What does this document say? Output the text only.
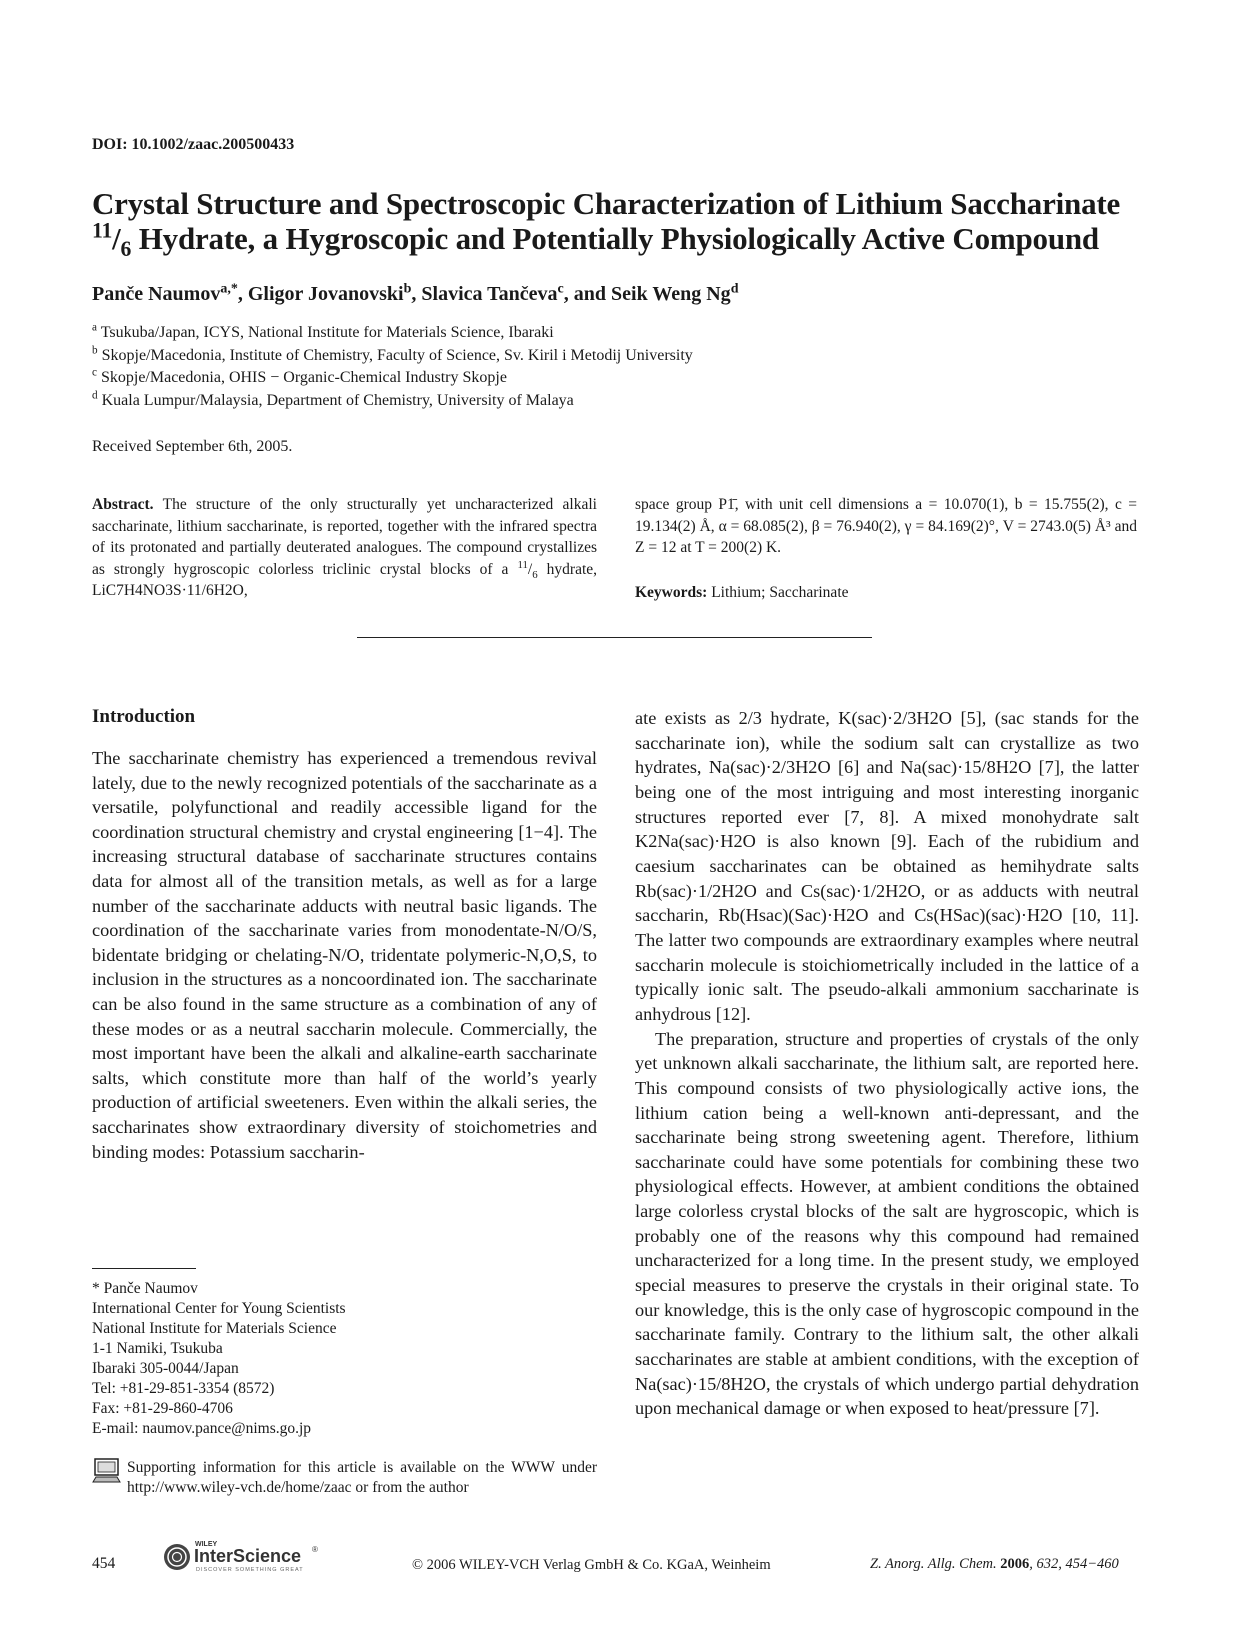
DOI: 10.1002/zaac.200500433
Crystal Structure and Spectroscopic Characterization of Lithium Saccharinate
$^{11}/_6$ Hydrate, a Hygroscopic and Potentially Physiologically Active Compound
Panče Naumov$^{a,*}$, Gligor Jovanovski$^b$, Slavica Tančeva$^c$, and Seik Weng Ng$^d$
$^a$ Tsukuba/Japan, ICYS, National Institute for Materials Science, Ibaraki
$^b$ Skopje/Macedonia, Institute of Chemistry, Faculty of Science, Sv. Kiril i Metodij University
$^c$ Skopje/Macedonia, OHIS − Organic-Chemical Industry Skopje
$^d$ Kuala Lumpur/Malaysia, Department of Chemistry, University of Malaya
Received September 6th, 2005.
Abstract. The structure of the only structurally yet uncharacterized alkali saccharinate, lithium saccharinate, is reported, together with the infrared spectra of its protonated and partially deuterated analogues. The compound crystallizes as strongly hygroscopic colorless triclinic crystal blocks of a $^{11}/_6$ hydrate, LiC7H4NO3S·11/6H2O,
space group P1̄, with unit cell dimensions a = 10.070(1), b = 15.755(2), c = 19.134(2) Å, α = 68.085(2), β = 76.940(2), γ = 84.169(2)°, V = 2743.0(5) Å³ and Z = 12 at T = 200(2) K.
Keywords: Lithium; Saccharinate
Introduction
The saccharinate chemistry has experienced a tremendous revival lately, due to the newly recognized potentials of the saccharinate as a versatile, polyfunctional and readily accessible ligand for the coordination structural chemistry and crystal engineering [1−4]. The increasing structural database of saccharinate structures contains data for almost all of the transition metals, as well as for a large number of the saccharinate adducts with neutral basic ligands. The coordination of the saccharinate varies from monodentate-N/O/S, bidentate bridging or chelating-N/O, tridentate polymeric-N,O,S, to inclusion in the structures as a noncoordinated ion. The saccharinate can be also found in the same structure as a combination of any of these modes or as a neutral saccharin molecule. Commercially, the most important have been the alkali and alkaline-earth saccharinate salts, which constitute more than half of the world’s yearly production of artificial sweeteners. Even within the alkali series, the saccharinates show extraordinary diversity of stoichometries and binding modes: Potassium saccharin-

ate exists as 2/3 hydrate, K(sac)·2/3H2O [5], (sac stands for the saccharinate ion), while the sodium salt can crystallize as two hydrates, Na(sac)·2/3H2O [6] and Na(sac)·15/8H2O [7], the latter being one of the most intriguing and most interesting inorganic structures reported ever [7, 8]. A mixed monohydrate salt K2Na(sac)·H2O is also known [9]. Each of the rubidium and caesium saccharinates can be obtained as hemihydrate salts Rb(sac)·1/2H2O and Cs(sac)·1/2H2O, or as adducts with neutral saccharin, Rb(Hsac)(Sac)·H2O and Cs(HSac)(sac)·H2O [10, 11]. The latter two compounds are extraordinary examples where neutral saccharin molecule is stoichiometrically included in the lattice of a typically ionic salt. The pseudo-alkali ammonium saccharinate is anhydrous [12].

The preparation, structure and properties of crystals of the only yet unknown alkali saccharinate, the lithium salt, are reported here. This compound consists of two physiologically active ions, the lithium cation being a well-known anti-depressant, and the saccharinate being strong sweetening agent. Therefore, lithium saccharinate could have some potentials for combining these two physiological effects. However, at ambient conditions the obtained large colorless crystal blocks of the salt are hygroscopic, which is probably one of the reasons why this compound had remained uncharacterized for a long time. In the present study, we employed special measures to preserve the crystals in their original state. To our knowledge, this is the only case of hygroscopic compound in the saccharinate family. Contrary to the lithium salt, the other alkali saccharinates are stable at ambient conditions, with the exception of Na(sac)·15/8H2O, the crystals of which undergo partial dehydration upon mechanical damage or when exposed to heat/pressure [7].

* Panče Naumov
International Center for Young Scientists
National Institute for Materials Science
1-1 Namiki, Tsukuba
Ibaraki 305-0044/Japan
Tel: +81-29-851-3354 (8572)
Fax: +81-29-860-4706
E-mail: naumov.pance@nims.go.jp
Supporting information for this article is available on the WWW under http://www.wiley-vch.de/home/zaac or from the author
454
WILEY
InterScience ®
DISCOVER SOMETHING GREAT	© 2006 WILEY-VCH Verlag GmbH & Co. KGaA, Weinheim	Z. Anorg. Allg. Chem. 2006, 632, 454−460
